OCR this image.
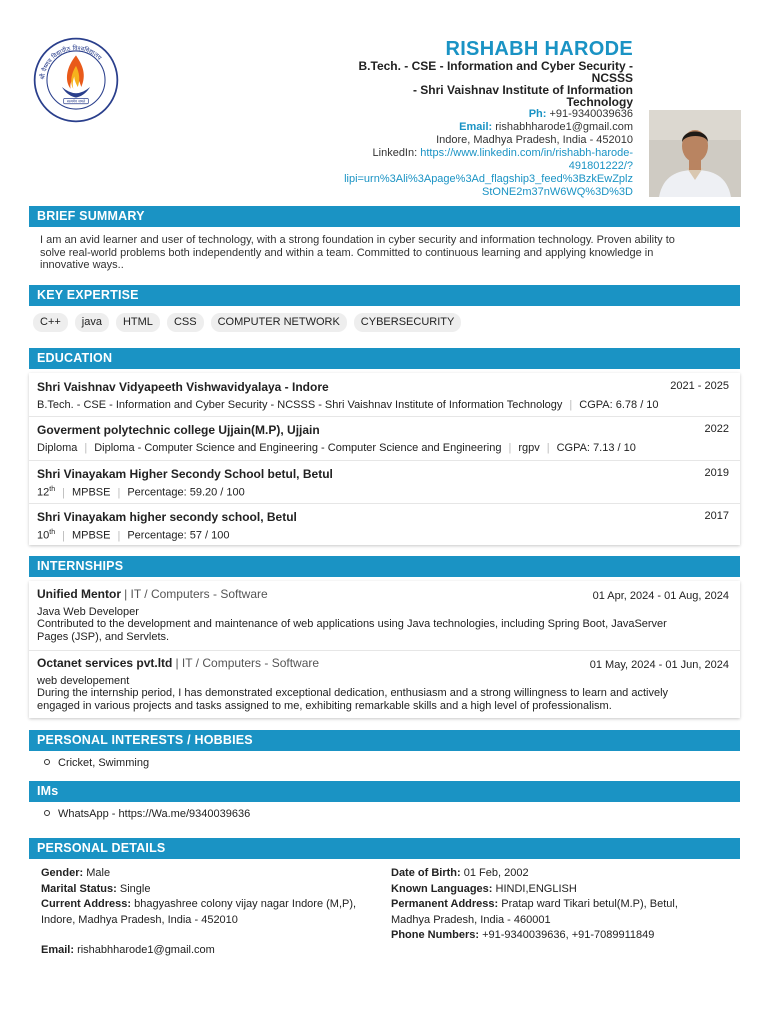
श्री वैष्णव विद्यापीठ विश्वविद्यालय
सत्यमेव जयते
RISHABH HARODE
B.Tech. - CSE - Information and Cyber Security -
NCSSS
- Shri Vaishnav Institute of Information
Technology
Ph: +91-9340039636
Email: rishabhharode1@gmail.com
Indore, Madhya Pradesh, India - 452010
LinkedIn: https://www.linkedin.com/in/rishabh-harode-
491801222/?
lipi=urn%3Ali%3Apage%3Ad_flagship3_feed%3BzkEwZplz
StONE2m37nW6WQ%3D%3D
BRIEF SUMMARY
I am an avid learner and user of technology, with a strong foundation in cyber security and information technology. Proven ability to
solve real-world problems both independently and within a team. Committed to continuous learning and applying knowledge in
innovative ways..
KEY EXPERTISE
C++	java	HTML	CSS	COMPUTER NETWORK	CYBERSECURITY
EDUCATION
Shri Vaishnav Vidyapeeth Vishwavidyalaya - Indore	2021 - 2025
B.Tech. - CSE - Information and Cyber Security - NCSSS - Shri Vaishnav Institute of Information Technology | CGPA: 6.78 / 10
Goverment polytechnic college Ujjain(M.P), Ujjain	2022
Diploma | Diploma - Computer Science and Engineering - Computer Science and Engineering | rgpv | CGPA: 7.13 / 10
Shri Vinayakam Higher Secondy School betul, Betul	2019
12th | MPBSE | Percentage: 59.20 / 100
Shri Vinayakam higher secondy school, Betul	2017
10th | MPBSE | Percentage: 57 / 100
INTERNSHIPS
Unified Mentor | IT / Computers - Software	01 Apr, 2024 - 01 Aug, 2024
Java Web Developer
Contributed to the development and maintenance of web applications using Java technologies, including Spring Boot, JavaServer
Pages (JSP), and Servlets.
Octanet services pvt.ltd | IT / Computers - Software	01 May, 2024 - 01 Jun, 2024
web developement
During the internship period, I has demonstrated exceptional dedication, enthusiasm and a strong willingness to learn and actively
engaged in various projects and tasks assigned to me, exhibiting remarkable skills and a high level of professionalism.
PERSONAL INTERESTS / HOBBIES
Cricket, Swimming
IMs
WhatsApp - https://Wa.me/9340039636
PERSONAL DETAILS
Gender: Male
Marital Status: Single
Current Address: bhagyashree colony vijay nagar Indore (M,P),
Indore, Madhya Pradesh, India - 452010
Email: rishabhharode1@gmail.com
Date of Birth: 01 Feb, 2002
Known Languages: HINDI,ENGLISH
Permanent Address: Pratap ward Tikari betul(M.P), Betul,
Madhya Pradesh, India - 460001
Phone Numbers: +91-9340039636, +91-7089911849
